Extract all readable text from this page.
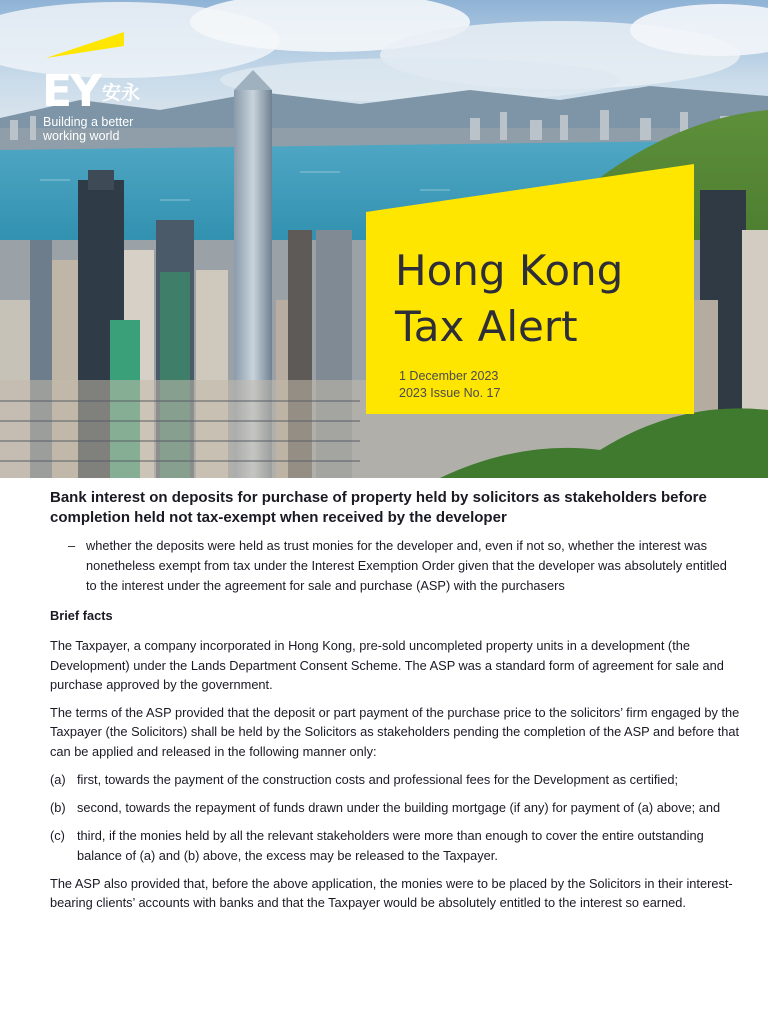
EY 安永
Building a better
working world
Hong Kong
Tax Alert
1 December 2023
2023 Issue No. 17
Bank interest on deposits for purchase of property held by solicitors as stakeholders before completion held not tax-exempt when received by the developer
– whether the deposits were held as trust monies for the developer and, even if not so, whether the interest was nonetheless exempt from tax under the Interest Exemption Order given that the developer was absolutely entitled to the interest under the agreement for sale and purchase (ASP) with the purchasers
Brief facts

The Taxpayer, a company incorporated in Hong Kong, pre-sold uncompleted property units in a development (the Development) under the Lands Department Consent Scheme. The ASP was a standard form of agreement for sale and purchase approved by the government.

The terms of the ASP provided that the deposit or part payment of the purchase price to the solicitors’ firm engaged by the Taxpayer (the Solicitors) shall be held by the Solicitors as stakeholders pending the completion of the ASP and before that can be applied and released in the following manner only:

(a) first, towards the payment of the construction costs and professional fees for the Development as certified;
(b) second, towards the repayment of funds drawn under the building mortgage (if any) for payment of (a) above; and
(c) third, if the monies held by all the relevant stakeholders were more than enough to cover the entire outstanding balance of (a) and (b) above, the excess may be released to the Taxpayer.

The ASP also provided that, before the above application, the monies were to be placed by the Solicitors in their interest-bearing clients’ accounts with banks and that the Taxpayer would be absolutely entitled to the interest so earned.
